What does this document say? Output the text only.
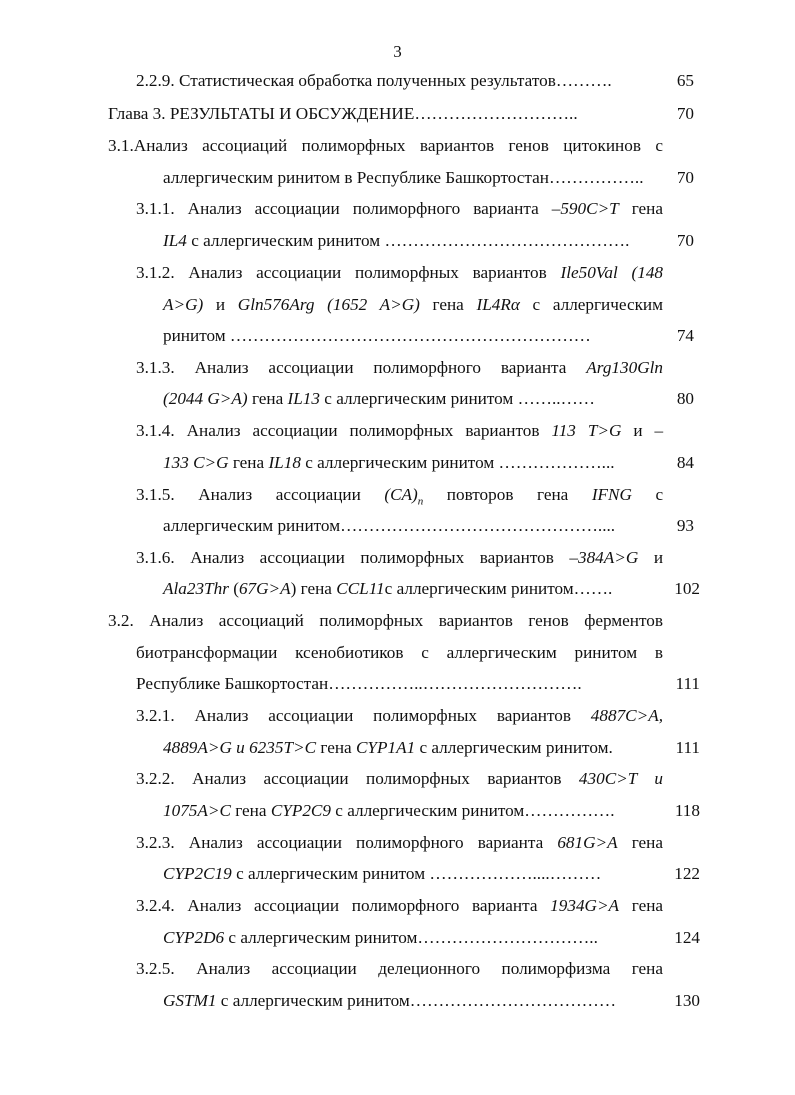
3
2.2.9. Статистическая обработка полученных результатов……….	65
Глава 3. РЕЗУЛЬТАТЫ И ОБСУЖДЕНИЕ………………………..	70
3.1.Анализ ассоциаций полиморфных вариантов генов цитокинов с
аллергическим ринитом в Республике Башкортостан……………..	70
3.1.1. Анализ ассоциации полиморфного варианта –590C>T гена
IL4 с аллергическим ринитом …………………………………….	70
3.1.2. Анализ ассоциации полиморфных вариантов Ile50Val (148
A>G) и Gln576Arg (1652 A>G) гена IL4Rα с аллергическим
ринитом ………………………………………………………	74
3.1.3. Анализ ассоциации полиморфного варианта Arg130Gln
(2044 G>A) гена IL13 с аллергическим ринитом ……..……	80
3.1.4. Анализ ассоциации полиморфных вариантов 113 T>G и –
133 C>G гена IL18 с аллергическим ринитом ………………...	84
3.1.5. Анализ ассоциации $(CA)_n$ повторов гена IFNG с
аллергическим ринитом………………………………………....	93
3.1.6. Анализ ассоциации полиморфных вариантов –384A>G и
Ala23Thr (67G>A) гена CCL11с аллергическим ринитом…….	102
3.2. Анализ ассоциаций полиморфных вариантов генов ферментов
биотрансформации ксенобиотиков с аллергическим ринитом в
Республике Башкортостан……………..……………………….	111
3.2.1. Анализ ассоциации полиморфных вариантов 4887C>A,
4889A>G и 6235T>C гена CYP1A1 с аллергическим ринитом.	111
3.2.2. Анализ ассоциации полиморфных вариантов 430C>T и
1075A>C гена CYP2C9 с аллергическим ринитом…………….	118
3.2.3. Анализ ассоциации полиморфного варианта 681G>A гена
CYP2C19 с аллергическим ринитом ………………....………	122
3.2.4. Анализ ассоциации полиморфного варианта 1934G>A гена
CYP2D6 с аллергическим ринитом…………………………..	124
3.2.5. Анализ ассоциации делеционного полиморфизма гена
GSTM1 с аллергическим ринитом………………………………	130
